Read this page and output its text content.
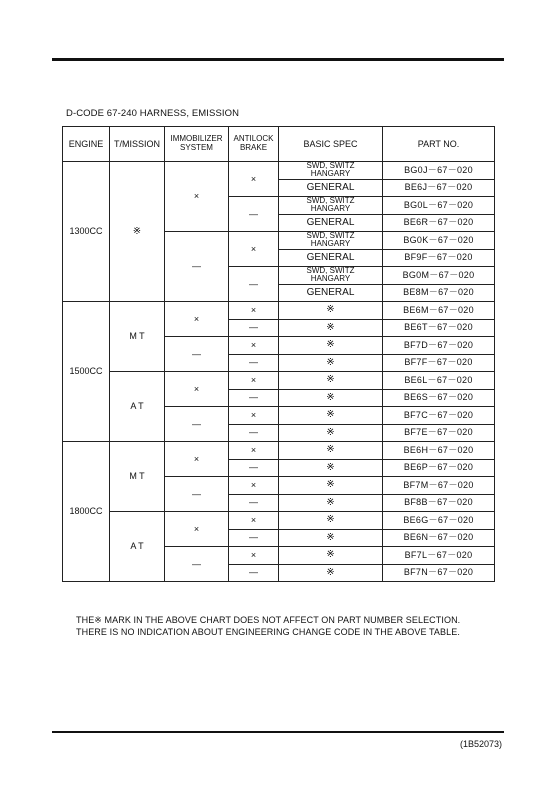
D-CODE 67-240 HARNESS, EMISSION
ENGINE	T/MISSION	IMMOBILIZER
SYSTEM	ANTILOCK
BRAKE	BASIC SPEC	PART NO.
1300CC	※	×	×	SWD, SWITZ
HANGARY	BG0J－67－020
				GENERAL	BE6J－67－020
			—	SWD, SWITZ
HANGARY	BG0L－67－020
				GENERAL	BE6R－67－020
		—	×	SWD, SWITZ
HANGARY	BG0K－67－020
				GENERAL	BF9F－67－020
			—	SWD, SWITZ
HANGARY	BG0M－67－020
				GENERAL	BE8M－67－020
1500CC	M T	×	×	※	BE6M－67－020
			—	※	BE6T－67－020
		—	×	※	BF7D－67－020
			—	※	BF7F－67－020
	A T	×	×	※	BE6L－67－020
			—	※	BE6S－67－020
		—	×	※	BF7C－67－020
			—	※	BF7E－67－020
1800CC	M T	×	×	※	BE6H－67－020
			—	※	BE6P－67－020
		—	×	※	BF7M－67－020
			—	※	BF8B－67－020
	A T	×	×	※	BE6G－67－020
			—	※	BE6N－67－020
		—	×	※	BF7L－67－020
			—	※	BF7N－67－020
THE※ MARK IN THE ABOVE CHART DOES NOT AFFECT ON PART NUMBER SELECTION.
THERE IS NO INDICATION ABOUT ENGINEERING CHANGE CODE IN THE ABOVE TABLE.
(1B52073)
